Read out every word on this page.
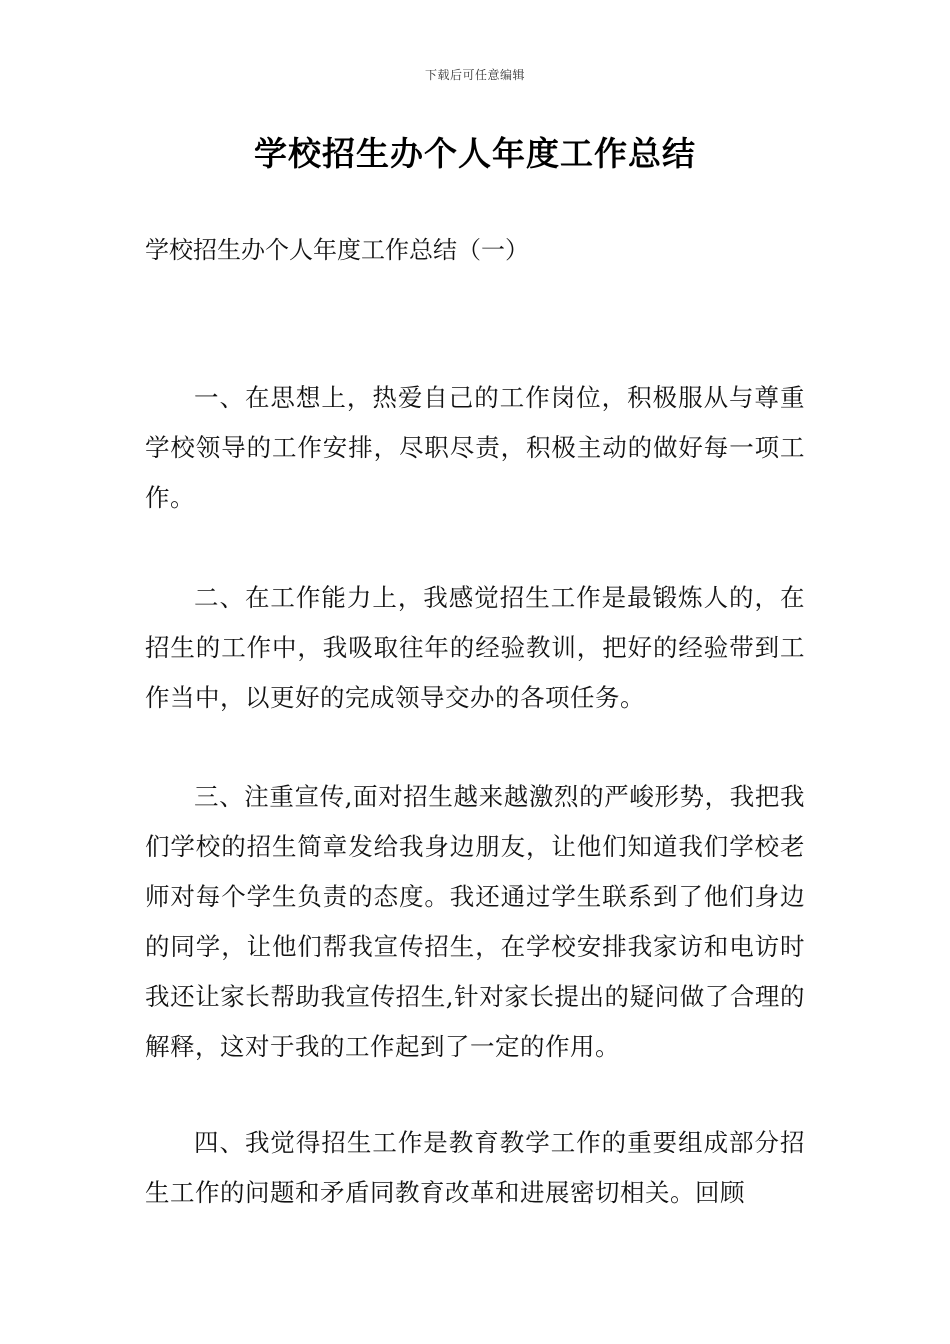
下载后可任意编辑
学校招生办个人年度工作总结
学校招生办个人年度工作总结（一）

一、在思想上，热爱自己的工作岗位，积极服从与尊重学校领导的工作安排，尽职尽责，积极主动的做好每一项工作。

二、在工作能力上，我感觉招生工作是最锻炼人的，在招生的工作中，我吸取往年的经验教训，把好的经验带到工作当中，以更好的完成领导交办的各项任务。

三、注重宣传,面对招生越来越激烈的严峻形势，我把我们学校的招生简章发给我身边朋友，让他们知道我们学校老师对每个学生负责的态度。我还通过学生联系到了他们身边的同学，让他们帮我宣传招生，在学校安排我家访和电访时我还让家长帮助我宣传招生,针对家长提出的疑问做了合理的解释，这对于我的工作起到了一定的作用。

四、我觉得招生工作是教育教学工作的重要组成部分招生工作的问题和矛盾同教育改革和进展密切相关。回顾
